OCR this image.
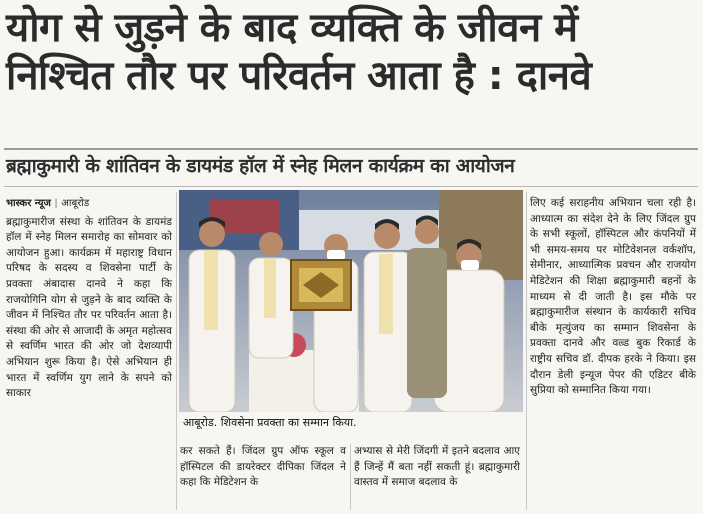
योग से जुड़ने के बाद व्यक्ति के जीवन में
निश्चित तौर पर परिवर्तन आता है : दानवे
ब्रह्माकुमारी के शांतिवन के डायमंड हॉल में स्नेह मिलन कार्यक्रम का आयोजन
भास्कर न्यूज | आबूरोड

ब्रह्माकुमारीज संस्था के शांतिवन के डायमंड हॉल में स्नेह मिलन समारोह का सोमवार को आयोजन हुआ। कार्यक्रम में महाराष्ट्र विधान परिषद के सदस्य व शिवसेना पार्टी के प्रवक्ता अंबादास दानवे ने कहा कि राजयोगिनि योग से जुड़ने के बाद व्यक्ति के जीवन में निश्चित तौर पर परिवर्तन आता है। संस्था की ओर से आजादी के अमृत महोत्सव से स्वर्णिम भारत की ओर जो देशव्यापी अभियान शुरू किया है। ऐसे अभियान ही भारत में स्वर्णिम युग लाने के सपने को साकार

आबूरोड. शिवसेना प्रवक्ता का सम्मान किया.

कर सकते हैं। जिंदल ग्रुप ऑफ स्कूल व हॉस्पिटल की डायरेक्टर दीपिका जिंदल ने कहा कि मेडिटेशन के

अभ्यास से मेरी जिंदगी में इतने बदलाव आए हैं जिन्हें मैं बता नहीं सकती हूं। ब्रह्माकुमारी वास्तव में समाज बदलाव के

लिए कई सराहनीय अभियान चला रही है। आध्यात्म का संदेश देने के लिए जिंदल ग्रुप के सभी स्कूलों, हॉस्पिटल और कंपनियों में भी समय-समय पर मोटिवेशनल वर्कशॉप, सेमीनार, आध्यात्मिक प्रवचन और राजयोग मेडिटेशन की शिक्षा ब्रह्माकुमारी बहनों के माध्यम से दी जाती है। इस मौके पर ब्रह्माकुमारीज संस्थान के कार्यकारी सचिव बीके मृत्युंजय का सम्मान शिवसेना के प्रवक्ता दानवे और वल्र्ड बुक रिकार्ड के राष्ट्रीय सचिव डॉ. दीपक हरके ने किया। इस दौरान डेली इन्यूज पेपर की एडिटर बीके सुप्रिया को सम्मानित किया गया।
